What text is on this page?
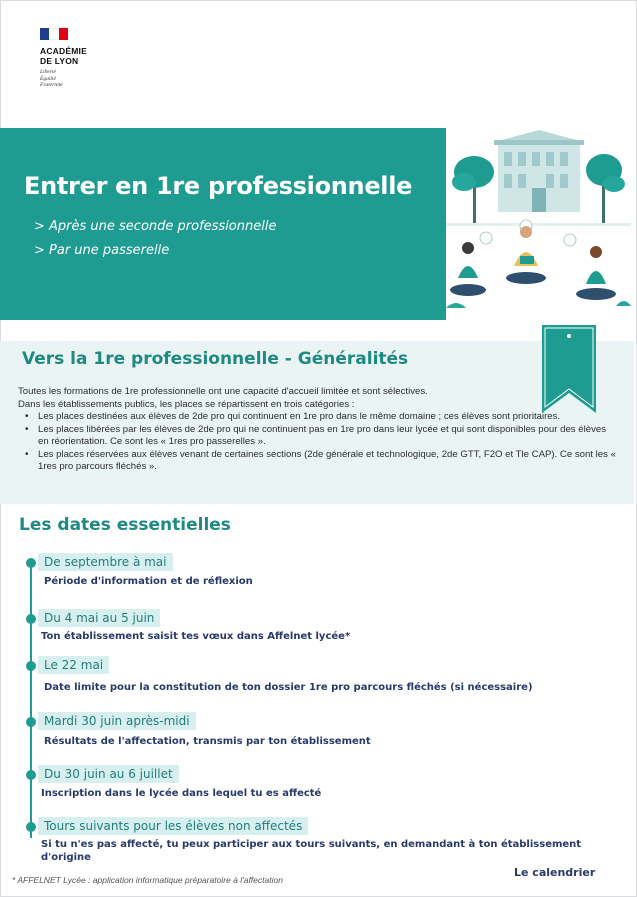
ACADÉMIE
DE LYON
Liberté
Égalité
Fraternité
Entrer en 1re professionnelle
> Après une seconde professionnelle
> Par une passerelle
Vers la 1re professionnelle - Généralités
Toutes les formations de 1re professionnelle ont une capacité d'accueil limitée et sont sélectives.
Dans les établissements publics, les places se répartissent en trois catégories :
• Les places destinées aux élèves de 2de pro qui continuent en 1re pro dans le même domaine ; ces élèves sont prioritaires.
• Les places libérées par les élèves de 2de pro qui ne continuent pas en 1re pro dans leur lycée et qui sont disponibles pour des élèves en réorientation. Ce sont les « 1res pro passerelles ».
• Les places réservées aux élèves venant de certaines sections (2de générale et technologique, 2de GTT, F2O et Tle CAP). Ce sont les « 1res pro parcours fléchés ».
Les dates essentielles
De septembre à mai
Période d'information et de réflexion
Du 4 mai au 5 juin
Ton établissement saisit tes vœux dans Affelnet lycée*
Le 22 mai
Date limite pour la constitution de ton dossier 1re pro parcours fléchés (si nécessaire)
Mardi 30 juin après-midi
Résultats de l'affectation, transmis par ton établissement
Du 30 juin au 6 juillet
Inscription dans le lycée dans lequel tu es affecté
Tours suivants pour les élèves non affectés
Si tu n'es pas affecté, tu peux participer aux tours suivants, en demandant à ton établissement d'origine
* AFFELNET Lycée : application informatique préparatoire à l'affectation
Le calendrier
